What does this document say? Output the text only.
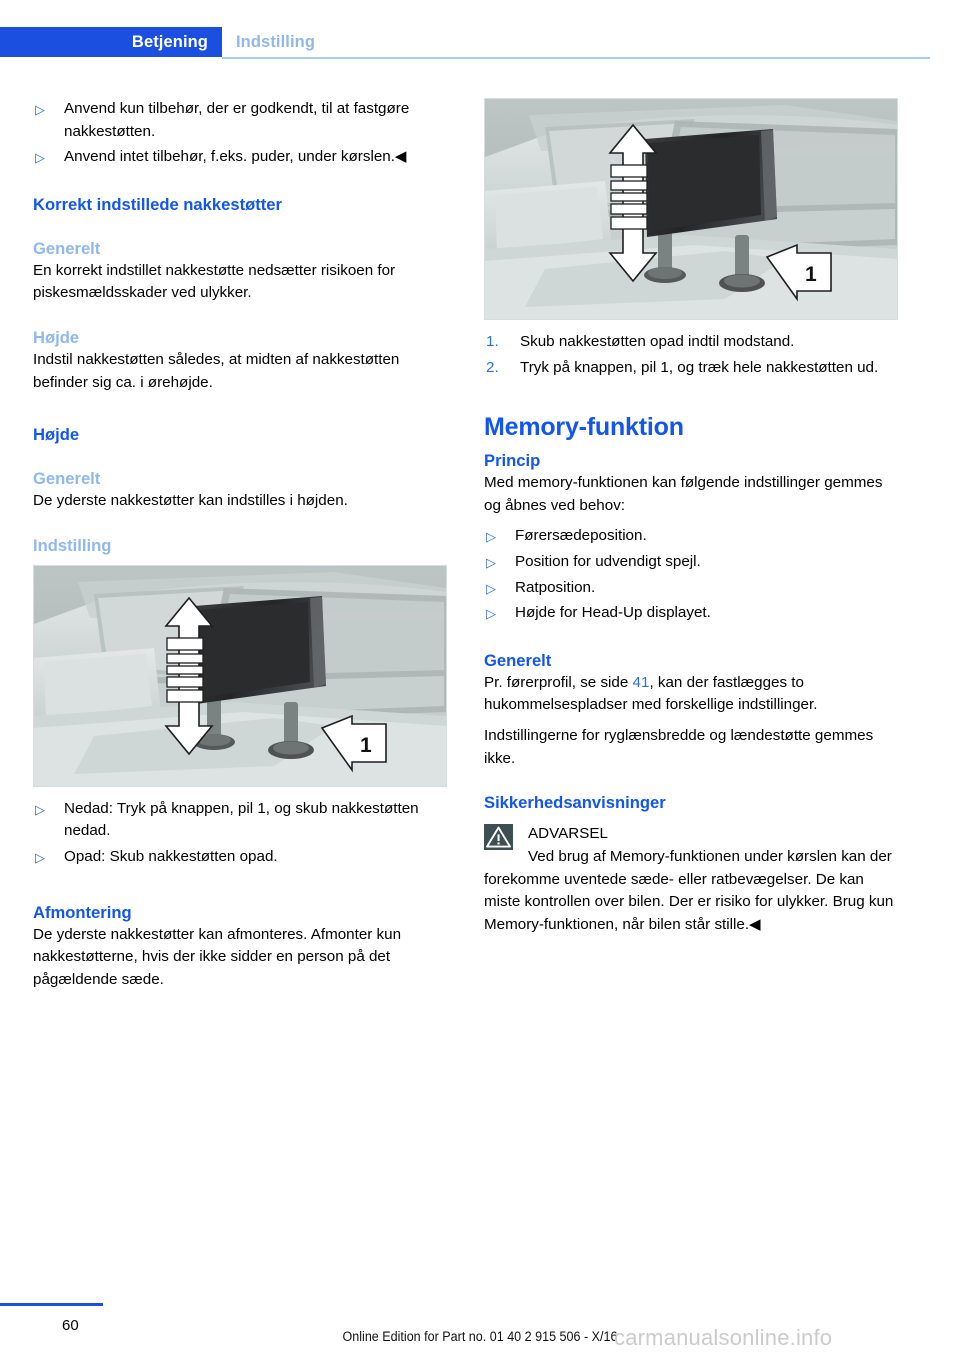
Betjening	Indstilling
▷ Anvend kun tilbehør, der er godkendt, til at fastgøre nakkestøtten.
▷ Anvend intet tilbehør, f.eks. puder, under kørslen.◀
Korrekt indstillede nakkestøtter
Generelt

En korrekt indstillet nakkestøtte nedsætter risikoen for piskesmældsskader ved ulykker.

Højde

Indstil nakkestøtten således, at midten af nakkestøtten befinder sig ca. i ørehøjde.

Højde
Generelt

De yderste nakkestøtter kan indstilles i højden.

Indstilling
1
▷ Nedad: Tryk på knappen, pil 1, og skub nakkestøtten nedad.
▷ Opad: Skub nakkestøtten opad.
Afmontering

De yderste nakkestøtter kan afmonteres. Afmonter kun nakkestøtterne, hvis der ikke sidder en person på det pågældende sæde.

1
1. Skub nakkestøtten opad indtil modstand.
2. Tryk på knappen, pil 1, og træk hele nakkestøtten ud.
Memory-funktion
Princip

Med memory-funktionen kan følgende indstillinger gemmes og åbnes ved behov:

▷ Førersædeposition.
▷ Position for udvendigt spejl.
▷ Ratposition.
▷ Højde for Head-Up displayet.
Generelt

Pr. førerprofil, se side 41, kan der fastlægges to hukommelsespladser med forskellige indstillinger.

Indstillingerne for ryglænsbredde og lændestøtte gemmes ikke.

Sikkerhedsanvisninger

ADVARSEL

Ved brug af Memory-funktionen under kørslen kan der forekomme uventede sæde- eller ratbevægelser. De kan miste kontrollen over bilen. Der er risiko for ulykker. Brug kun Memory-funktionen, når bilen står stille.◀

60
Online Edition for Part no. 01 40 2 915 506 - X/16
carmanualsonline.info
